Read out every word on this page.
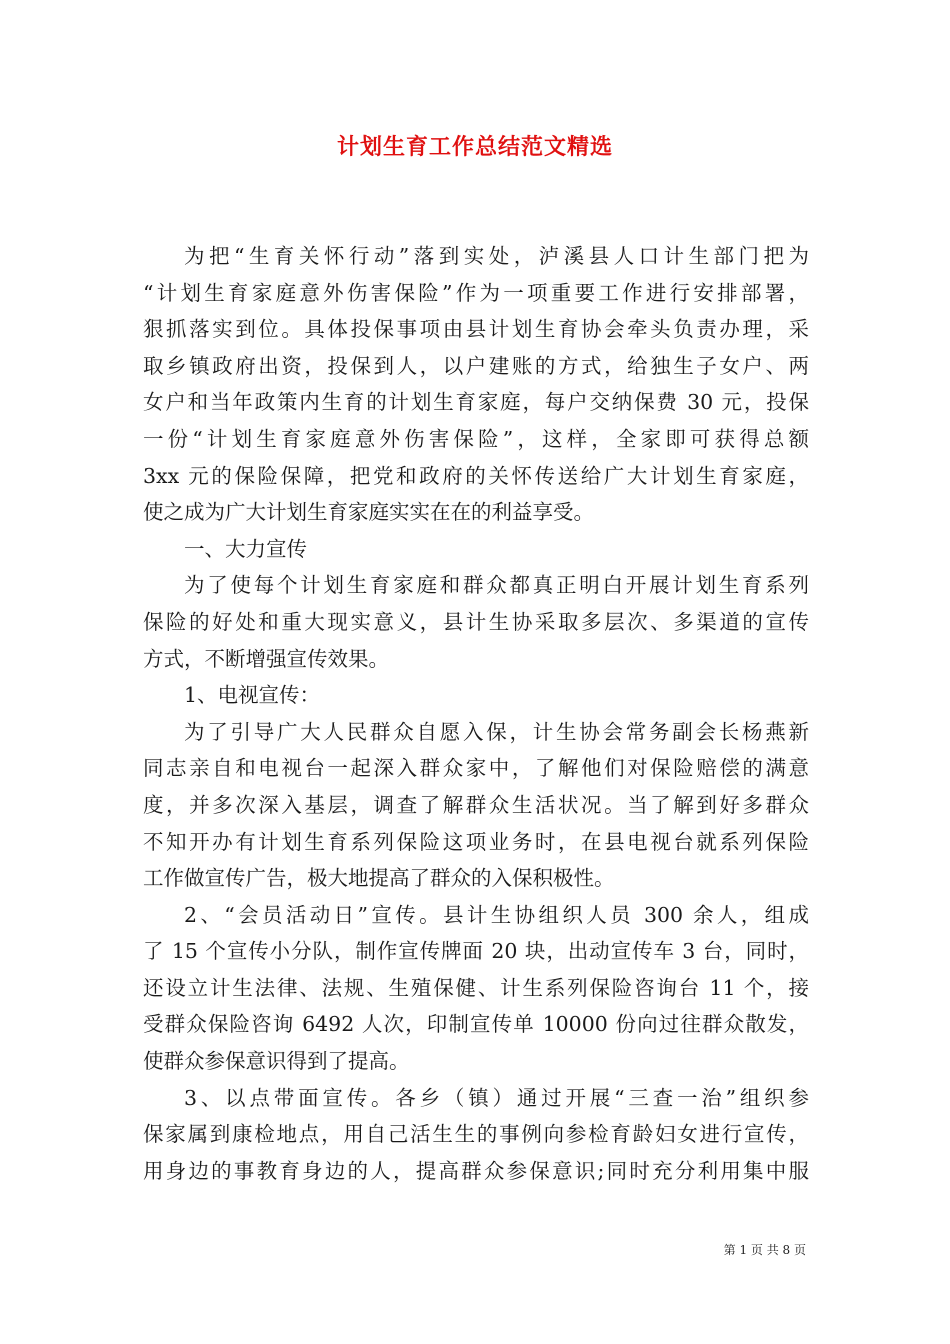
计划生育工作总结范文精选
为把“生育关怀行动”落到实处，泸溪县人口计生部门把为
“计划生育家庭意外伤害保险”作为一项重要工作进行安排部署，
狠抓落实到位。具体投保事项由县计划生育协会牵头负责办理，采
取乡镇政府出资，投保到人，以户建账的方式，给独生子女户、两
女户和当年政策内生育的计划生育家庭，每户交纳保费 30 元，投保
一份“计划生育家庭意外伤害保险”，这样，全家即可获得总额
3xx 元的保险保障，把党和政府的关怀传送给广大计划生育家庭，
使之成为广大计划生育家庭实实在在的利益享受。
一、大力宣传
为了使每个计划生育家庭和群众都真正明白开展计划生育系列
保险的好处和重大现实意义，县计生协采取多层次、多渠道的宣传
方式，不断增强宣传效果。
1、电视宣传：
为了引导广大人民群众自愿入保，计生协会常务副会长杨燕新
同志亲自和电视台一起深入群众家中，了解他们对保险赔偿的满意
度，并多次深入基层，调查了解群众生活状况。当了解到好多群众
不知开办有计划生育系列保险这项业务时，在县电视台就系列保险
工作做宣传广告，极大地提高了群众的入保积极性。
2、“会员活动日”宣传。县计生协组织人员 300 余人，组成
了 15 个宣传小分队，制作宣传牌面 20 块，出动宣传车 3 台，同时，
还设立计生法律、法规、生殖保健、计生系列保险咨询台 11 个，接
受群众保险咨询 6492 人次，印制宣传单 10000 份向过往群众散发，
使群众参保意识得到了提高。
3、以点带面宣传。各乡（镇）通过开展“三查一治”组织参
保家属到康检地点，用自己活生生的事例向参检育龄妇女进行宣传，
用身边的事教育身边的人，提高群众参保意识;同时充分利用集中服
第 1 页 共 8 页
